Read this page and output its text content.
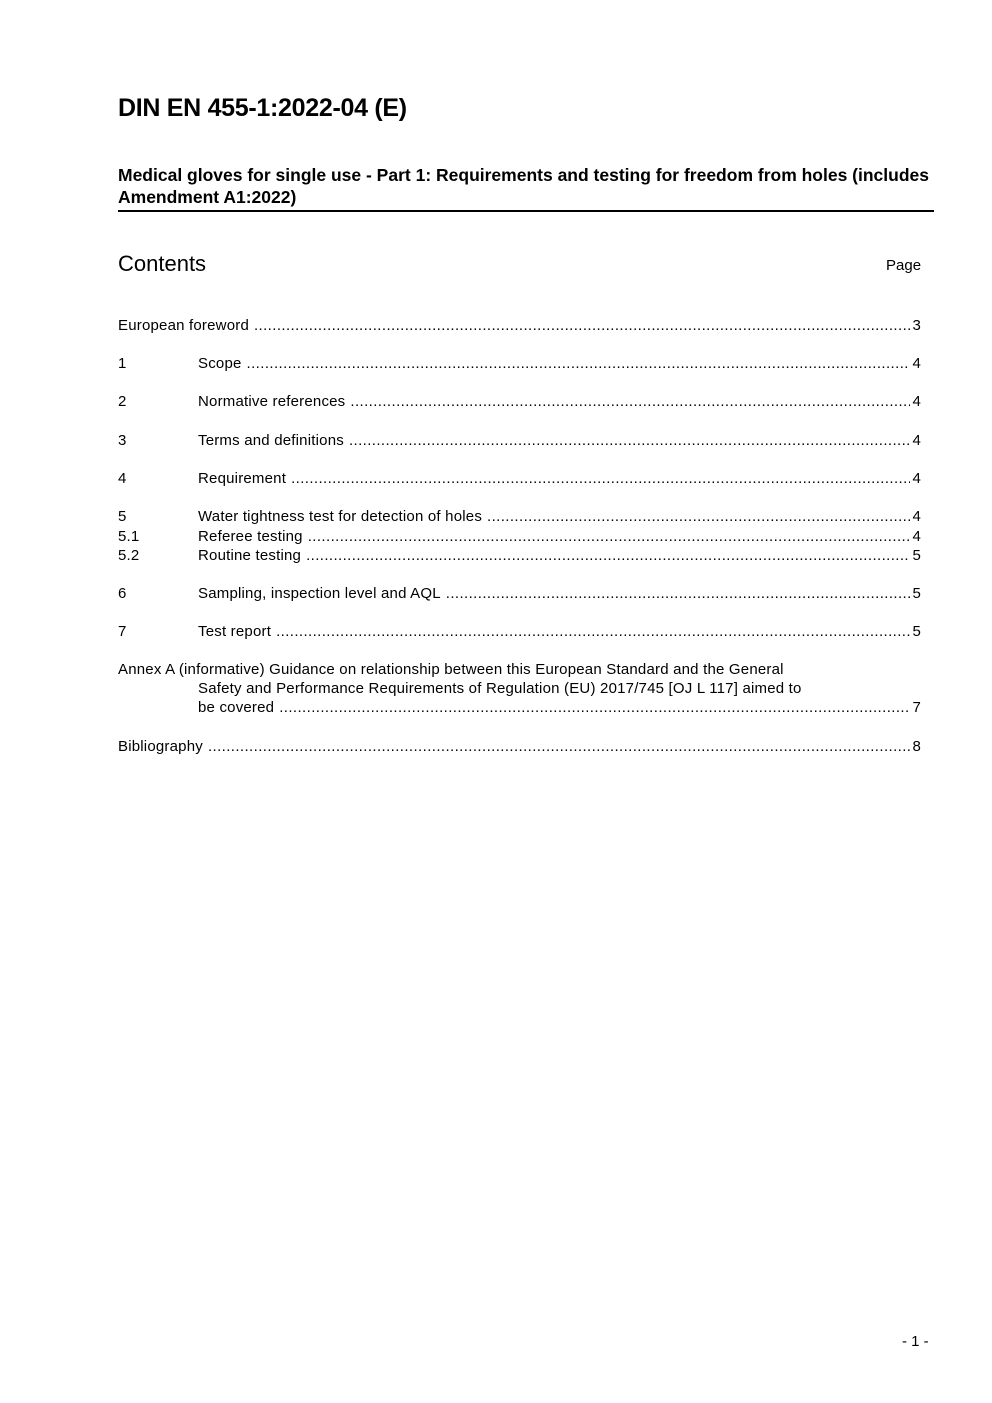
DIN EN 455-1:2022-04 (E)
Medical gloves for single use - Part 1: Requirements and testing for freedom from holes (includes Amendment A1:2022)
Contents	Page
European foreword .....	3
1	Scope .....	4
2	Normative references .....	4
3	Terms and definitions .....	4
4	Requirement .....	4
5	Water tightness test for detection of holes .....	4
5.1	Referee testing .....	4
5.2	Routine testing .....	5
6	Sampling, inspection level and AQL .....	5
7	Test report .....	5
Annex A (informative) Guidance on relationship between this European Standard and the General
Safety and Performance Requirements of Regulation (EU) 2017/745 [OJ L 117] aimed to
be covered .....	7
Bibliography .....	8
- 1 -
